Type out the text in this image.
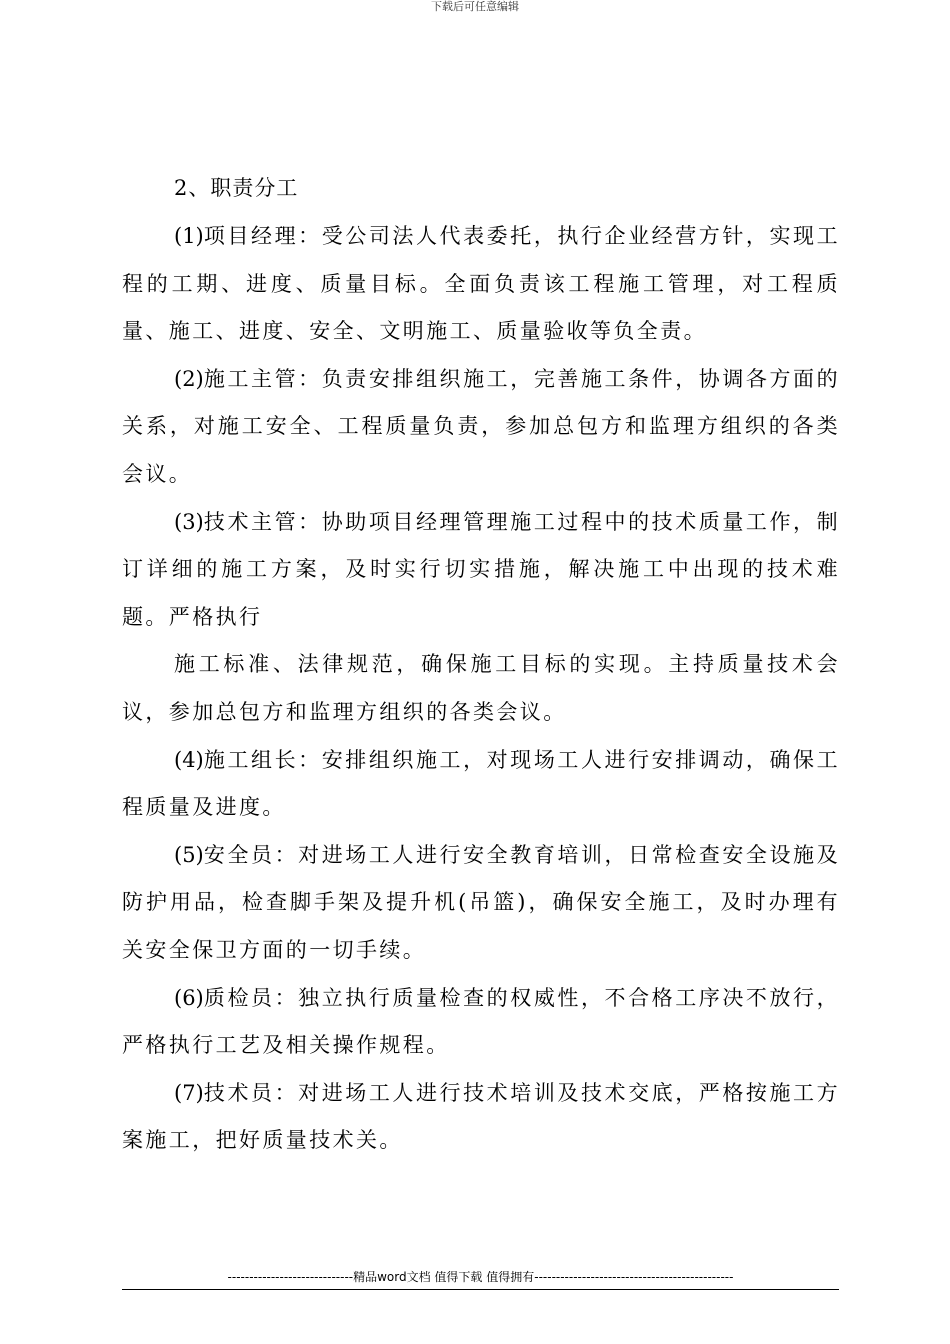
下载后可任意编辑
2、职责分工

(1)项目经理：受公司法人代表委托，执行企业经营方针，实现工程的工期、进度、质量目标。全面负责该工程施工管理，对工程质量、施工、进度、安全、文明施工、质量验收等负全责。

(2)施工主管：负责安排组织施工，完善施工条件，协调各方面的关系，对施工安全、工程质量负责，参加总包方和监理方组织的各类会议。

(3)技术主管：协助项目经理管理施工过程中的技术质量工作，制订详细的施工方案，及时实行切实措施，解决施工中出现的技术难题。严格执行

施工标准、法律规范，确保施工目标的实现。主持质量技术会议，参加总包方和监理方组织的各类会议。

(4)施工组长：安排组织施工，对现场工人进行安排调动，确保工程质量及进度。

(5)安全员：对进场工人进行安全教育培训，日常检查安全设施及防护用品，检查脚手架及提升机(吊篮)，确保安全施工，及时办理有关安全保卫方面的一切手续。

(6)质检员：独立执行质量检查的权威性，不合格工序决不放行，严格执行工艺及相关操作规程。

(7)技术员：对进场工人进行技术培训及技术交底，严格按施工方案施工，把好质量技术关。

-----------------------------精品word文档 值得下载 值得拥有----------------------------------------------
